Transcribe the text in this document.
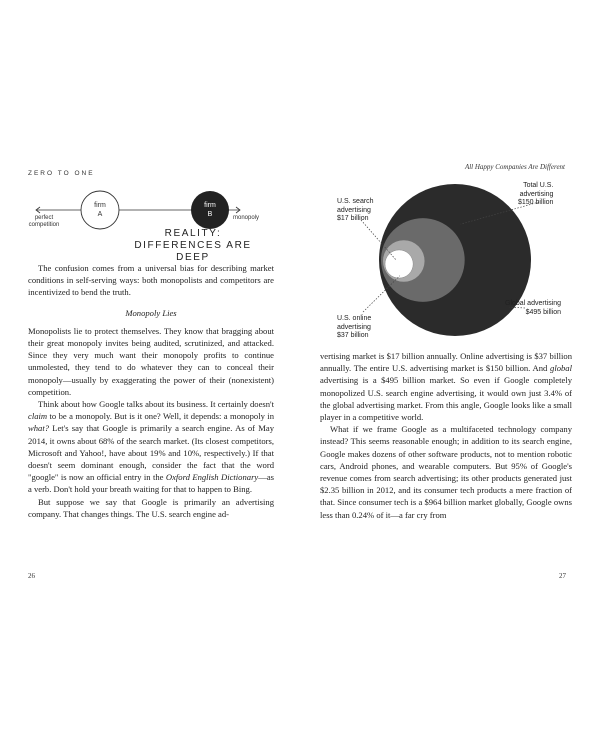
ZERO TO ONE
firm
A
firm
B
perfect
competition
monopoly
REALITY:
DIFFERENCES ARE DEEP

The confusion comes from a universal bias for describing market conditions in self-serving ways: both monopolists and competitors are incentivized to bend the truth.

Monopoly Lies

Monopolists lie to protect themselves. They know that bragging about their great monopoly invites being audited, scrutinized, and attacked. Since they very much want their monopoly profits to continue unmolested, they tend to do whatever they can to conceal their monopoly—usually by exaggerating the power of their (nonexistent) competition.

Think about how Google talks about its business. It certainly doesn't claim to be a monopoly. But is it one? Well, it depends: a monopoly in what? Let's say that Google is primarily a search engine. As of May 2014, it owns about 68% of the search market. (Its closest competitors, Microsoft and Yahoo!, have about 19% and 10%, respectively.) If that doesn't seem dominant enough, consider the fact that the word "google" is now an official entry in the Oxford English Dictionary—as a verb. Don't hold your breath waiting for that to happen to Bing.

But suppose we say that Google is primarily an advertising company. That changes things. The U.S. search engine ad-

26
All Happy Companies Are Different

vertising market is $17 billion annually. Online advertising is $37 billion annually. The entire U.S. advertising market is $150 billion. And global advertising is a $495 billion market. So even if Google completely monopolized U.S. search engine advertising, it would own just 3.4% of the global advertising market. From this angle, Google looks like a small player in a competitive world.

What if we frame Google as a multifaceted technology company instead? This seems reasonable enough; in addition to its search engine, Google makes dozens of other software products, not to mention robotic cars, Android phones, and wearable computers. But 95% of Google's revenue comes from search advertising; its other products generated just $2.35 billion in 2012, and its consumer tech products a mere fraction of that. Since consumer tech is a $964 billion market globally, Google owns less than 0.24% of it—a far cry from

27
U.S. search
advertising
$17 billion
Total U.S.
advertising
$150 billion
U.S. online
advertising
$37 billion
Global advertising
$495 billion
